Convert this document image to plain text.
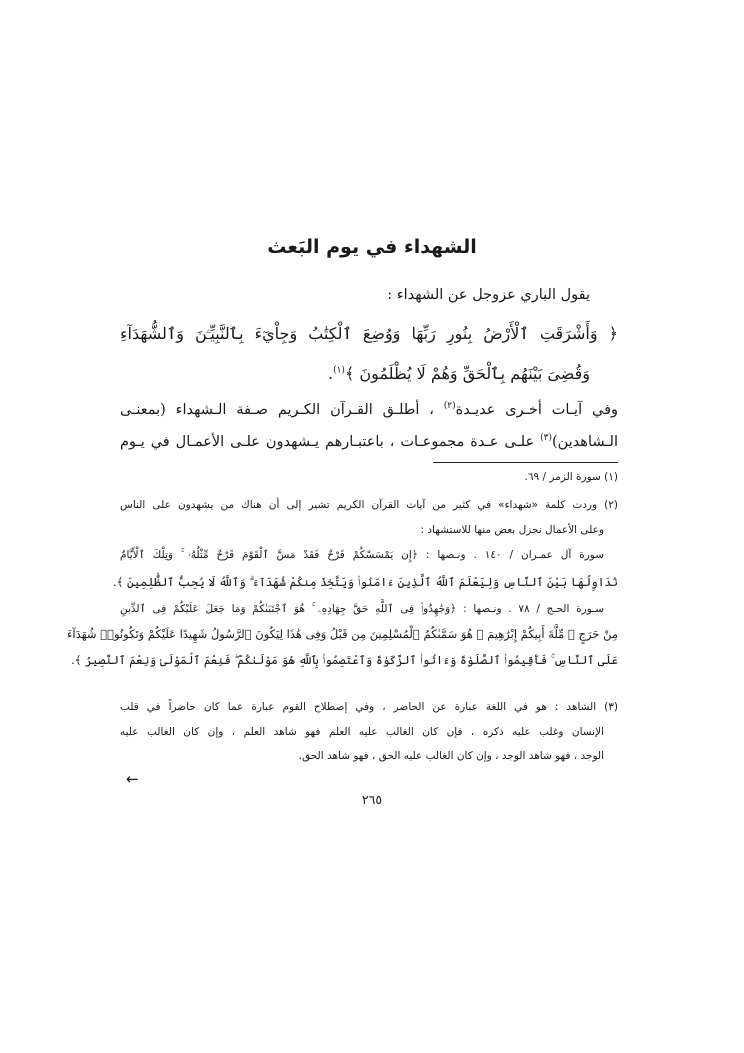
الشهداء في يوم البَعث
يقول الباري عزوجل عن الشهداء :
﴿ وَأَشْرَقَتِ ٱلْأَرْضُ بِنُورِ رَبِّهَا وَوُضِعَ ٱلْكِتَٰبُ وَجِاْيٓءَ بِٱلنَّبِيِّـۧنَ وَٱلشُّهَدَآءِ
وَقُضِىَ بَيْنَهُم بِٱلْحَقِّ وَهُمْ لَا يُظْلَمُونَ ﴾$^{(١)}$.
وفي آيـات أخـرى عديـدة$^{(٢)}$ ، أطلـق القـرآن الكـريم صـفة الـشهداء (بمعنـى
الـشاهدين)$^{(٣)}$ علـى عـدة مجموعـات ، باعتبـارهم يـشهدون علـى الأعمـال في يـوم
(١) سورة الزمر / ٦٩.
(٢) وردت كلمة «شهداء» في كثير من آيات القرآن الكريم تشير إلى أن هناك من يشهدون على الناس
وعلى الأعمال نجزل بعض منها للاستشهاد :
سورة آل عمـران / ١٤٠ . ونـصها : ﴿إِن يَمْسَسْكُمْ قَرْحٌ فَقَدْ مَسَّ ٱلْقَوْمَ قَرْحٌ مِّثْلُهُۥ ۚ وَتِلْكَ ٱلْأَيَّامُ
نُدَاوِلُهَا بَيْنَ ٱلنَّاسِ وَلِيَعْلَمَ ٱللَّهُ ٱلَّذِينَ ءَامَنُوا۟ وَيَتَّخِذَ مِنكُمْ شُهَدَآءَ ۗ وَٱللَّهُ لَا يُحِبُّ ٱلظَّٰلِمِينَ ﴾.
سـورة الحـج / ٧٨ . ونـصها : ﴿وَجَٰهِدُوا۟ فِى ٱللَّهِ حَقَّ جِهَادِهِۦ ۚ هُوَ ٱجْتَبَىٰكُمْ وَمَا جَعَلَ عَلَيْكُمْ فِى ٱلدِّينِ
مِنْ حَرَجٍ ۚ مِّلَّةَ أَبِيكُمْ إِبْرَٰهِيمَ ۚ هُوَ سَمَّىٰكُمُ ٱلْمُسْلِمِينَ مِن قَبْلُ وَفِى هَٰذَا لِيَكُونَ ٱلرَّسُولُ شَهِيدًا عَلَيْكُمْ وَتَكُونُوا۟ شُهَدَآءَ
عَلَى ٱلنَّاسِ ۚ فَأَقِيمُوا۟ ٱلصَّلَوٰةَ وَءَاتُوا۟ ٱلزَّكَوٰةَ وَٱعْتَصِمُوا۟ بِٱللَّهِ هُوَ مَوْلَىٰكُمْ ۖ فَنِعْمَ ٱلْمَوْلَىٰ وَنِعْمَ ٱلنَّصِيرُ ﴾.
(٣) الشاهد : هو في اللغة عبارة عن الحاضر ، وفي إصطلاح القوم عبارة عما كان حاضراً في قلب
الإنسان وغلب عليه ذكره ، فإن كان الغالب عليه العلم فهو شاهد العلم ، وإن كان الغالب عليه
الوجد ، فهو شاهد الوجد ، وإن كان الغالب عليه الحق ، فهو شاهد الحق.
←
٢٦٥
